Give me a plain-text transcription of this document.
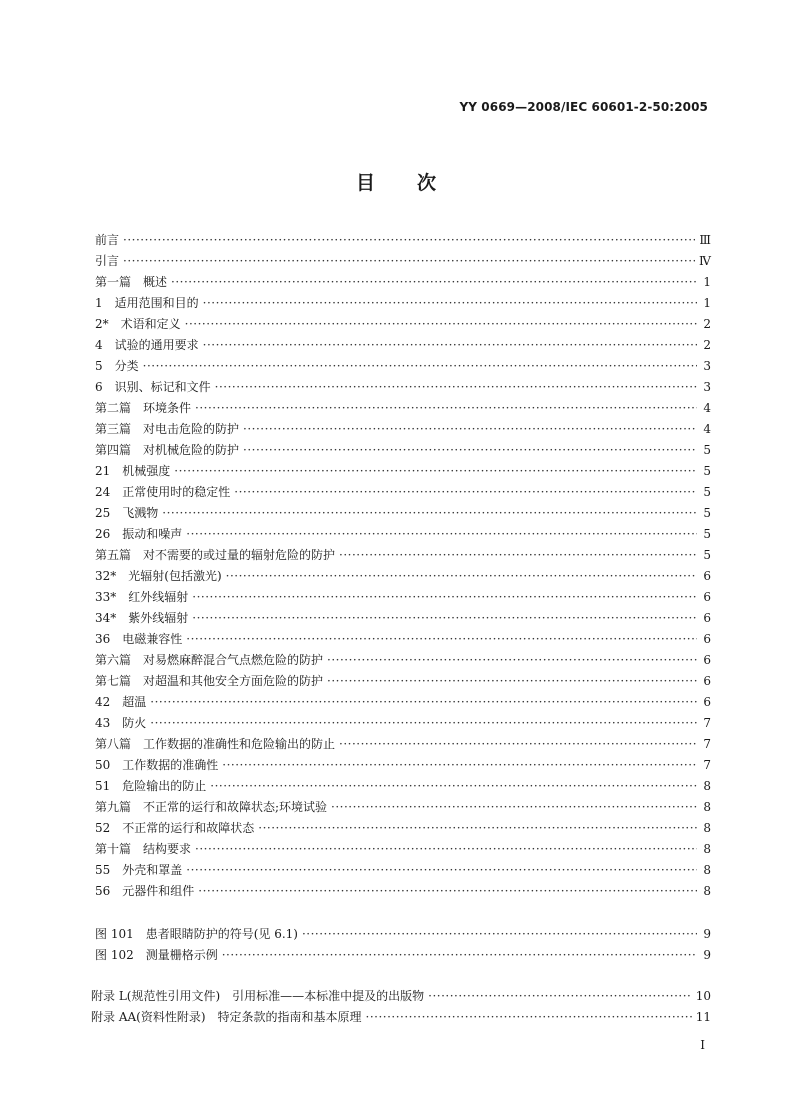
YY 0669—2008/IEC 60601-2-50:2005
目 次
前言 ·····	Ⅲ
引言 ·····	Ⅳ
第一篇　概述 ·····	1
1　适用范围和目的 ·····	1
2*　术语和定义 ·····	2
4　试验的通用要求 ·····	2
5　分类 ·····	3
6　识别、标记和文件 ·····	3
第二篇　环境条件 ·····	4
第三篇　对电击危险的防护 ·····	4
第四篇　对机械危险的防护 ·····	5
21　机械强度 ·····	5
24　正常使用时的稳定性 ·····	5
25　飞溅物 ·····	5
26　振动和噪声 ·····	5
第五篇　对不需要的或过量的辐射危险的防护 ·····	5
32*　光辐射(包括激光) ·····	6
33*　红外线辐射 ·····	6
34*　紫外线辐射 ·····	6
36　电磁兼容性 ·····	6
第六篇　对易燃麻醉混合气点燃危险的防护 ·····	6
第七篇　对超温和其他安全方面危险的防护 ·····	6
42　超温 ·····	6
43　防火 ·····	7
第八篇　工作数据的准确性和危险输出的防止 ·····	7
50　工作数据的准确性 ·····	7
51　危险输出的防止 ·····	8
第九篇　不正常的运行和故障状态;环境试验 ·····	8
52　不正常的运行和故障状态 ·····	8
第十篇　结构要求 ·····	8
55　外壳和罩盖 ·····	8
56　元器件和组件 ·····	8
图 101　患者眼睛防护的符号(见 6.1) ·····	9
图 102　测量栅格示例 ·····	9
附录 L(规范性引用文件)　引用标准——本标准中提及的出版物 ·····	10
附录 AA(资料性附录)　特定条款的指南和基本原理 ·····	11
I
